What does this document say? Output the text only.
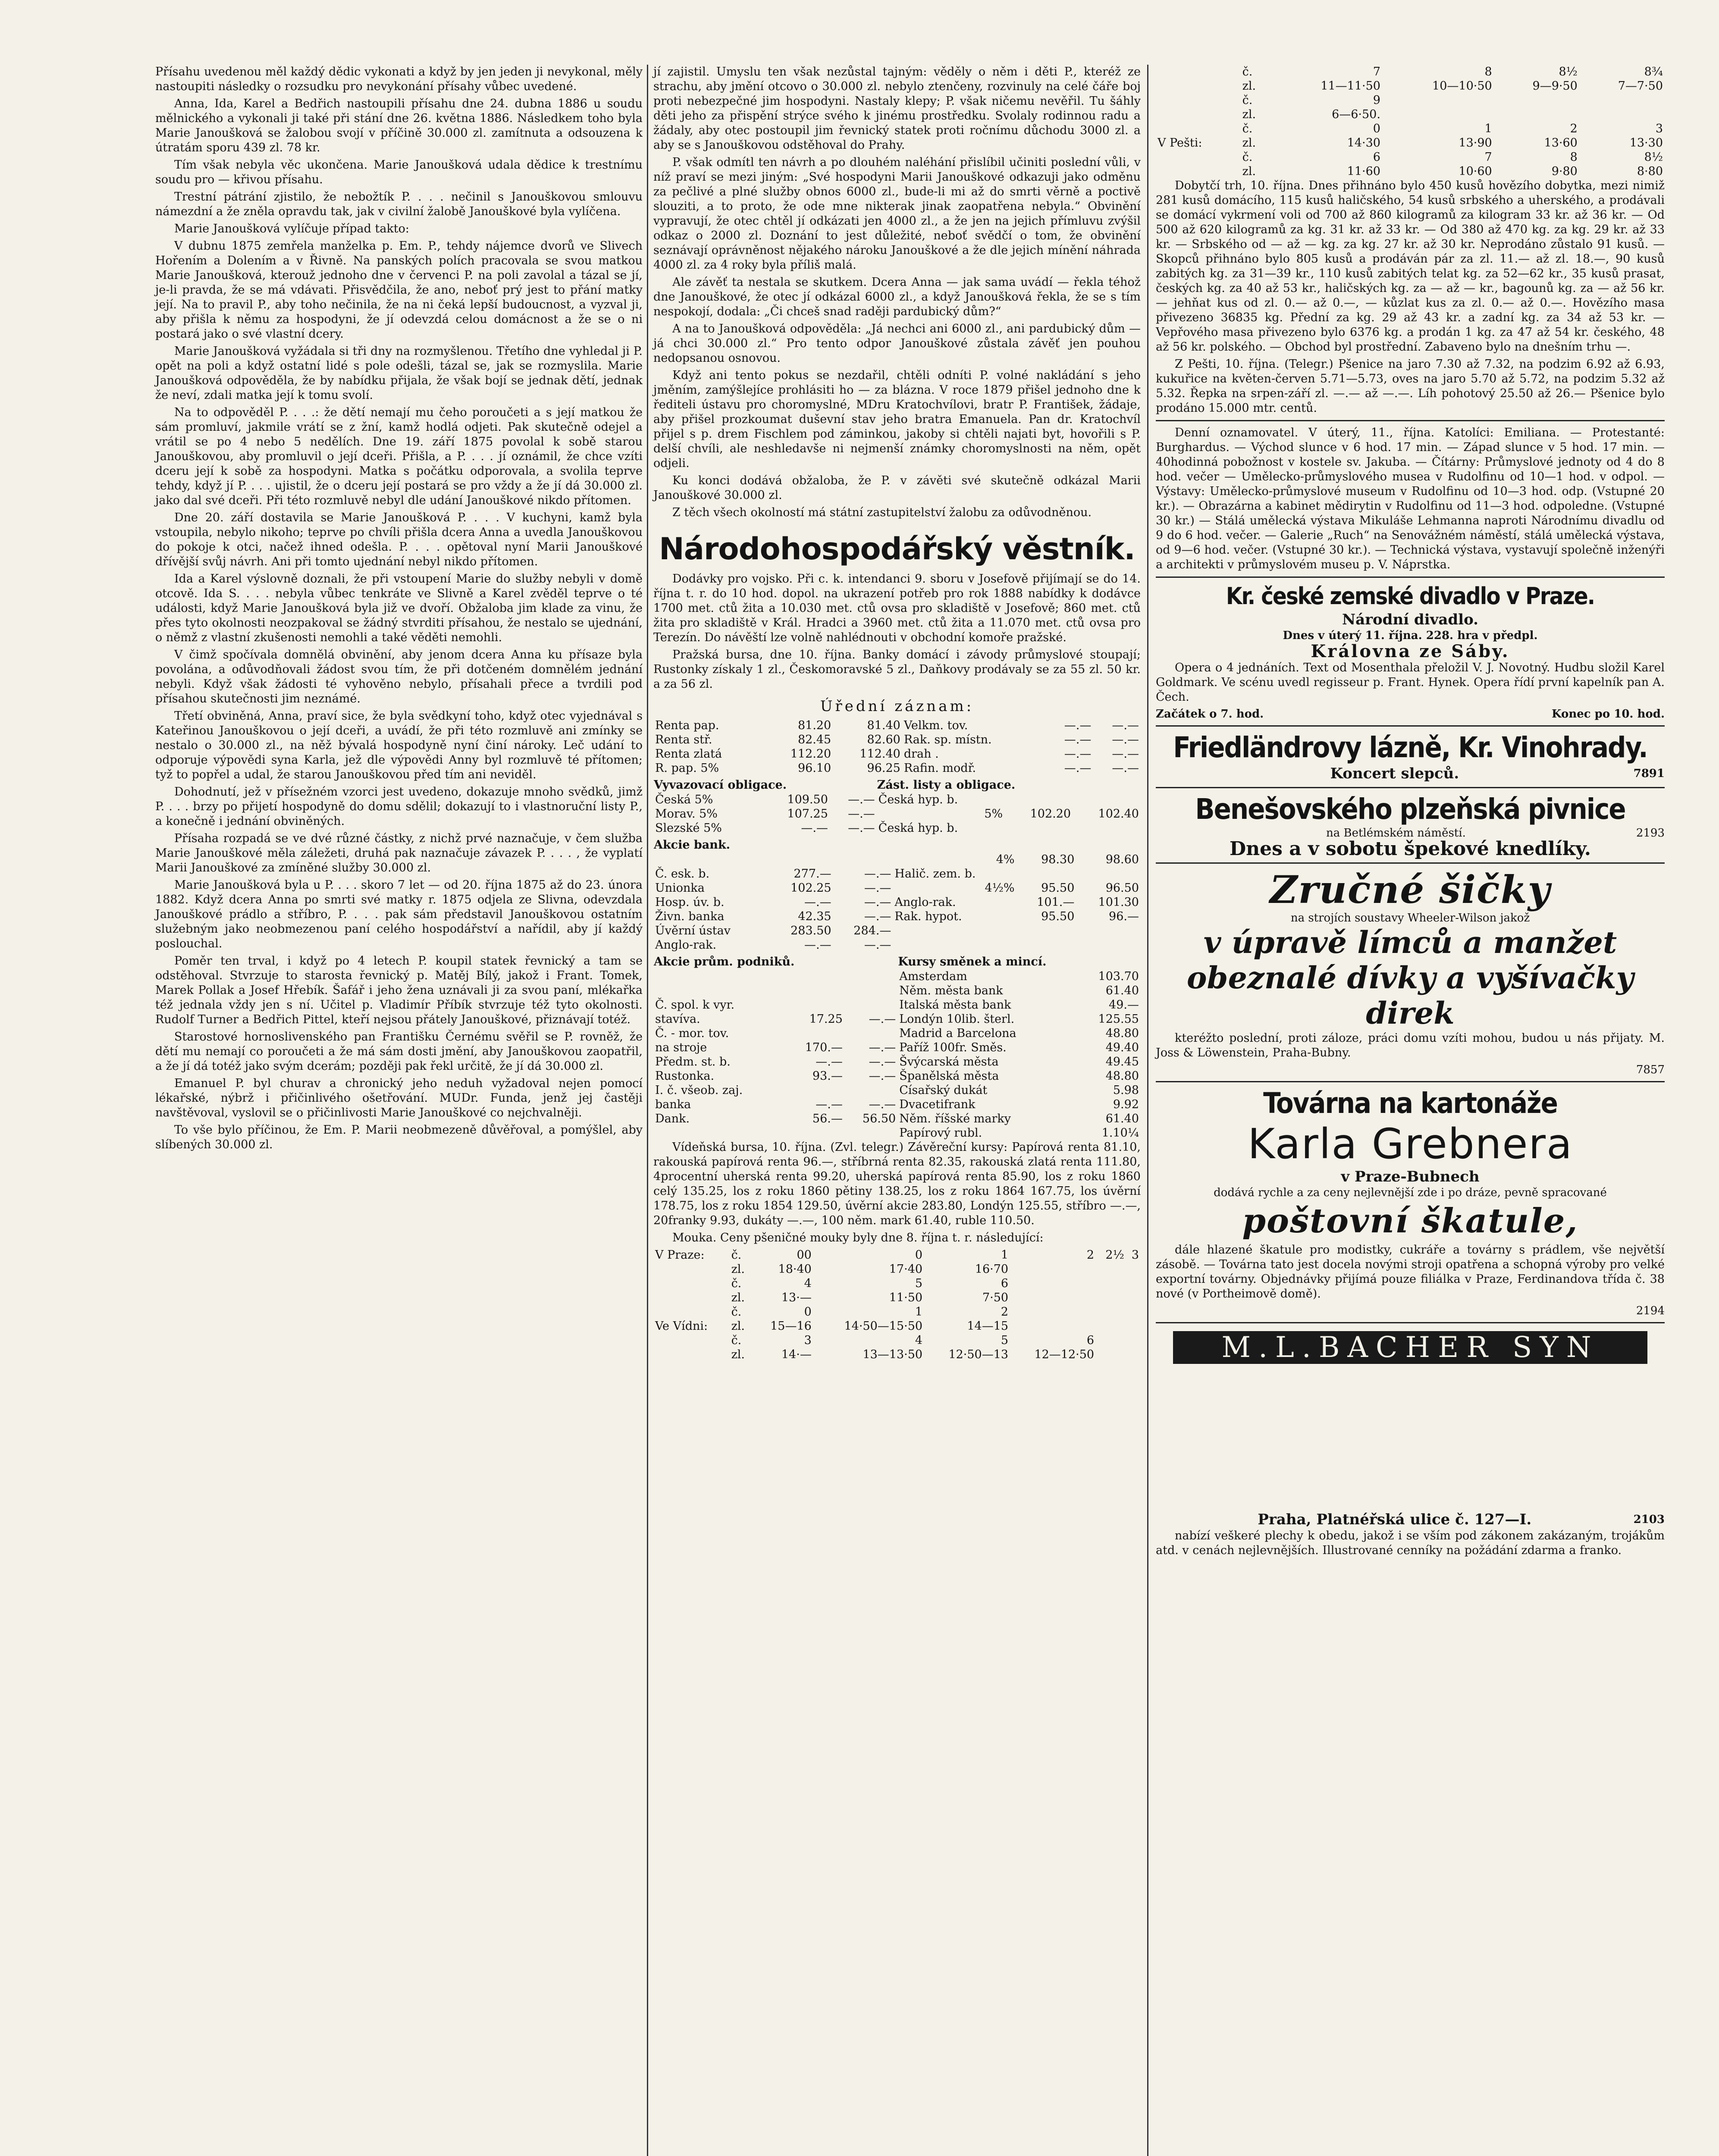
Přísahu uvedenou měl každý dědic vykonati a když by jen jeden ji nevykonal, měly nastoupiti následky o rozsudku pro nevykonání přísahy vůbec uvedené.

Anna, Ida, Karel a Bedřich nastoupili přísahu dne 24. dubna 1886 u soudu mělnického a vykonali ji také při stání dne 26. května 1886. Následkem toho byla Marie Janoušková se žalobou svojí v příčině 30.000 zl. zamítnuta a odsouzena k útratám sporu 439 zl. 78 kr.

Tím však nebyla věc ukončena. Marie Janoušková udala dědice k trestnímu soudu pro — křivou přísahu.

Trestní pátrání zjistilo, že nebožtík P. . . . nečinil s Janouškovou smlouvu námezdní a že zněla opravdu tak, jak v civilní žalobě Janouškové byla vylíčena.

Marie Janoušková vylíčuje případ takto:

V dubnu 1875 zemřela manželka p. Em. P., tehdy nájemce dvorů ve Slivech Hořením a Dolením a v Řivně. Na panských polích pracovala se svou matkou Marie Janoušková, kterouž jednoho dne v červenci P. na poli zavolal a tázal se jí, je-li pravda, že se má vdávati. Přisvědčila, že ano, neboť prý jest to přání matky její. Na to pravil P., aby toho nečinila, že na ni čeká lepší budoucnost, a vyzval ji, aby přišla k němu za hospodyni, že jí odevzdá celou domácnost a že se o ni postará jako o své vlastní dcery.

Marie Janoušková vyžádala si tři dny na rozmyšlenou. Třetího dne vyhledal ji P. opět na poli a když ostatní lidé s pole odešli, tázal se, jak se rozmyslila. Marie Janoušková odpověděla, že by nabídku přijala, že však bojí se jednak dětí, jednak že neví, zdali matka její k tomu svolí.

Na to odpověděl P. . . .: že dětí nemají mu čeho poroučeti a s její matkou že sám promluví, jakmile vrátí se z žní, kamž hodlá odjeti. Pak skutečně odejel a vrátil se po 4 nebo 5 nedělích. Dne 19. září 1875 povolal k sobě starou Janouškovou, aby promluvil o její dceři. Přišla, a P. . . . jí oznámil, že chce vzíti dceru její k sobě za hospodyni. Matka s počátku odporovala, a svolila teprve tehdy, když jí P. . . . ujistil, že o dceru její postará se pro vždy a že jí dá 30.000 zl. jako dal své dceři. Při této rozmluvě nebyl dle udání Janouškové nikdo přítomen.

Dne 20. září dostavila se Marie Janoušková P. . . . V kuchyni, kamž byla vstoupila, nebylo nikoho; teprve po chvíli přišla dcera Anna a uvedla Janouškovou do pokoje k otci, načež ihned odešla. P. . . . opětoval nyní Marii Janouškové dřívější svůj návrh. Ani při tomto ujednání nebyl nikdo přítomen.

Ida a Karel výslovně doznali, že při vstoupení Marie do služby nebyli v domě otcově. Ida S. . . . nebyla vůbec tenkráte ve Slivně a Karel zvěděl teprve o té události, když Marie Janoušková byla již ve dvoří. Obžaloba jim klade za vinu, že přes tyto okolnosti neozpakoval se žádný stvrditi přísahou, že nestalo se ujednání, o němž z vlastní zkušenosti nemohli a také věděti nemohli.

V čimž spočívala domnělá obvinění, aby jenom dcera Anna ku přísaze byla povolána, a odůvodňovali žádost svou tím, že při dotčeném domnělém jednání nebyli. Když však žádosti té vyhověno nebylo, přísahali přece a tvrdili pod přísahou skutečnosti jim neznámé.

Třetí obviněná, Anna, praví sice, že byla svědkyní toho, když otec vyjednával s Kateřinou Janouškovou o její dceři, a uvádí, že při této rozmluvě ani zmínky se nestalo o 30.000 zl., na něž bývalá hospodyně nyní činí nároky. Leč udání to odporuje výpovědi syna Karla, jež dle výpovědi Anny byl rozmluvě té přítomen; tyž to popřel a udal, že starou Janouškovou před tím ani neviděl.

Dohodnutí, jež v přísežném vzorci jest uvedeno, dokazuje mnoho svědků, jimž P. . . . brzy po přijetí hospodyně do domu sdělil; dokazují to i vlastnoruční listy P., a konečně i jednání obviněných.

Přísaha rozpadá se ve dvé různé částky, z nichž prvé naznačuje, v čem služba Marie Janouškové měla záležeti, druhá pak naznačuje závazek P. . . . , že vyplatí Marii Janouškové za zmíněné služby 30.000 zl.

Marie Janoušková byla u P. . . . skoro 7 let — od 20. října 1875 až do 23. února 1882. Když dcera Anna po smrti své matky r. 1875 odjela ze Slivna, odevzdala Janouškové prádlo a stříbro, P. . . . pak sám představil Janouškovou ostatním služebným jako neobmezenou paní celého hospodářství a nařídil, aby jí každý poslouchal.

Poměr ten trval, i když po 4 letech P. koupil statek řevnický a tam se odstěhoval. Stvrzuje to starosta řevnický p. Matěj Bílý, jakož i Frant. Tomek, Marek Pollak a Josef Hřebík. Šafář i jeho žena uznávali ji za svou paní, mlékařka též jednala vždy jen s ní. Učitel p. Vladimír Příbík stvrzuje též tyto okolnosti. Rudolf Turner a Bedřich Pittel, kteří nejsou přátely Janouškové, přiznávají totéž.

Starostové hornoslivenského pan Františku Černému svěřil se P. rovněž, že dětí mu nemají co poroučeti a že má sám dosti jmění, aby Janouškovou zaopatřil, a že jí dá totéž jako svým dcerám; později pak řekl určitě, že jí dá 30.000 zl.

Emanuel P. byl churav a chronický jeho neduh vyžadoval nejen pomocí lékařské, nýbrž i přičinlivého ošetřování. MUDr. Funda, jenž jej častěji navštěvoval, vyslovil se o přičinlivosti Marie Janouškové co nejchvalněji.

To vše bylo příčinou, že Em. P. Marii neobmezeně důvěřoval, a pomýšlel, aby slíbených 30.000 zl.

jí zajistil. Umyslu ten však nezůstal tajným: věděly o něm i děti P., kteréž ze strachu, aby jmění otcovo o 30.000 zl. nebylo ztenčeny, rozvinuly na celé čáře boj proti nebezpečné jim hospodyni. Nastaly klepy; P. však ničemu nevěřil. Tu šáhly děti jeho za přispění strýce svého k jinému prostředku. Svolaly rodinnou radu a žádaly, aby otec postoupil jim řevnický statek proti ročnímu důchodu 3000 zl. a aby se s Janouškovou odstěhoval do Prahy.

P. však odmítl ten návrh a po dlouhém naléhání přislíbil učiniti poslední vůli, v níž praví se mezi jiným: „Své hospodyni Marii Janouškové odkazuji jako odměnu za pečlivé a plné služby obnos 6000 zl., bude-li mi až do smrti věrně a poctivě slouziti, a to proto, že ode mne nikterak jinak zaopatřena nebyla.“ Obvinění vypravují, že otec chtěl jí odkázati jen 4000 zl., a že jen na jejich přímluvu zvýšil odkaz o 2000 zl. Doznání to jest důležité, neboť svědčí o tom, že obvinění seznávají oprávněnost nějakého nároku Janouškové a že dle jejich mínění náhrada 4000 zl. za 4 roky byla příliš malá.

Ale závěť ta nestala se skutkem. Dcera Anna — jak sama uvádí — řekla téhož dne Janouškové, že otec jí odkázal 6000 zl., a když Janoušková řekla, že se s tím nespokojí, dodala: „Či chceš snad raději pardubický dům?“

A na to Janoušková odpověděla: „Já nechci ani 6000 zl., ani pardubický dům — já chci 30.000 zl.“ Pro tento odpor Janouškové zůstala závěť jen pouhou nedopsanou osnovou.

Když ani tento pokus se nezdařil, chtěli odníti P. volné nakládání s jeho jměním, zamýšlejíce prohlásiti ho — za blázna. V roce 1879 přišel jednoho dne k řediteli ústavu pro choromyslné, MDru Kratochvílovi, bratr P. František, žádaje, aby přišel prozkoumat duševní stav jeho bratra Emanuela. Pan dr. Kratochvíl přijel s p. drem Fischlem pod záminkou, jakoby si chtěli najati byt, hovořili s P. delší chvíli, ale neshledavše ni nejmenší známky choromyslnosti na něm, opět odjeli.

Ku konci dodává obžaloba, že P. v závěti své skutečně odkázal Marii Janouškové 30.000 zl.

Z těch všech okolností má státní zastupitelství žalobu za odůvodněnou.

Národohospodářský věstník.

Dodávky pro vojsko. Při c. k. intendanci 9. sboru v Josefově přijímají se do 14. října t. r. do 10 hod. dopol. na ukrazení potřeb pro rok 1888 nabídky k dodávce 1700 met. ctů žita a 10.030 met. ctů ovsa pro skladiště v Josefově; 860 met. ctů žita pro skladiště v Král. Hradci a 3960 met. ctů žita a 11.070 met. ctů ovsa pro Terezín. Do návěští lze volně nahlédnouti v obchodní komoře pražské.

Pražská bursa, dne 10. října. Banky domácí i závody průmyslové stoupají; Rustonky získaly 1 zl., Českomoravské 5 zl., Daňkovy prodávaly se za 55 zl. 50 kr. a za 56 zl.

Úřední záznam:
Renta pap.	81.20	81.40	Velkm. tov.	—.—	—.—
Renta stř.	82.45	82.60	Rak. sp. místn.	—.—	—.—
Renta zlatá	112.20	112.40	drah .	—.—	—.—
R. pap. 5%	96.10	96.25	Rafin. modř.	—.—	—.—
Vyvazovací obligace.			Zást. listy a obligace.		
Česká 5%	109.50	—.—	Česká hyp. b.		
Morav. 5%	107.25	—.—	5%	102.20	102.40
Slezské 5%	—.—	—.—	Česká hyp. b.		
Akcie bank.					
			4%	98.30	98.60
Č. esk. b.	277.—	—.—	Halič. zem. b.		
Unionka	102.25	—.—	4½%	95.50	96.50
Hosp. úv. b.	—.—	—.—	Anglo-rak.	101.—	101.30
Živn. banka	42.35	—.—	Rak. hypot.	95.50	96.—
Úvěrní ústav	283.50	284.—			
Anglo-rak.	—.—	—.—			
Akcie prům. podniků.			Kursy směnek a mincí.		
			Amsterdam		103.70
			Něm. města bank		61.40
Č. spol. k vyr.			Italská města bank		49.—
stavíva.	17.25	—.—	Londýn 10lib. šterl.		125.55
Č. - mor. tov.			Madrid a Barcelona		48.80
na stroje	170.—	—.—	Paříž 100fr. Směs.		49.40
Předm. st. b.	—.—	—.—	Švýcarská města		49.45
Rustonka.	93.—	—.—	Španělská města		48.80
I. č. všeob. zaj.			Císařský dukát		5.98
banka	—.—	—.—	Dvacetifrank		9.92
Dank.	56.—	56.50	Něm. říšské marky		61.40
			Papírový rubl.		1.10¼

Vídeňská bursa, 10. října. (Zvl. telegr.) Závěreční kursy: Papírová renta 81.10, rakouská papírová renta 96.—, stříbrná renta 82.35, rakouská zlatá renta 111.80, 4procentní uherská renta 99.20, uherská papírová renta 85.90, los z roku 1860 celý 135.25, los z roku 1860 pětiny 138.25, los z roku 1864 167.75, los úvěrní 178.75, los z roku 1854 129.50, úvěrní akcie 283.80, Londýn 125.55, stříbro —.—, 20franky 9.93, dukáty —.—, 100 něm. mark 61.40, ruble 110.50.

Mouka. Ceny pšeničné mouky byly dne 8. října t. r. následující:

V Praze:	č.	00	0	1	2	2½	3
	zl.	18·40	17·40	16·70			
	č.	4	5	6			
	zl.	13·—	11·50	7·50			
	č.	0	1	2			
Ve Vídni:	zl.	15—16	14·50—15·50	14—15			
	č.	3	4	5	6		
	zl.	14·—	13—13·50	12·50—13	12—12·50		
	č.	7	8	8½	8¾
	zl.	11—11·50	10—10·50	9—9·50	7—7·50
	č.	9			
	zl.	6—6·50.			
	č.	0	1	2	3
V Pešti:	zl.	14·30	13·90	13·60	13·30
	č.	6	7	8	8½
	zl.	11·60	10·60	9·80	8·80

Dobytčí trh, 10. října. Dnes přihnáno bylo 450 kusů hovězího dobytka, mezi nimiž 281 kusů domácího, 115 kusů haličského, 54 kusů srbského a uherského, a prodávali se domácí vykrmení voli od 700 až 860 kilogramů za kilogram 33 kr. až 36 kr. — Od 500 až 620 kilogramů za kg. 31 kr. až 33 kr. — Od 380 až 470 kg. za kg. 29 kr. až 33 kr. — Srbského od — až — kg. za kg. 27 kr. až 30 kr. Neprodáno zůstalo 91 kusů. — Skopců přihnáno bylo 805 kusů a prodáván pár za zl. 11.— až zl. 18.—, 90 kusů zabitých kg. za 31—39 kr., 110 kusů zabitých telat kg. za 52—62 kr., 35 kusů prasat, českých kg. za 40 až 53 kr., haličských kg. za — až — kr., bagounů kg. za — až 56 kr. — jehňat kus od zl. 0.— až 0.—, — kůzlat kus za zl. 0.— až 0.—. Hovězího masa přivezeno 36835 kg. Přední za kg. 29 až 43 kr. a zadní kg. za 34 až 53 kr. — Vepřového masa přivezeno bylo 6376 kg. a prodán 1 kg. za 47 až 54 kr. českého, 48 až 56 kr. polského. — Obchod byl prostřední. Zabaveno bylo na dnešním trhu —.

Z Pešti, 10. října. (Telegr.) Pšenice na jaro 7.30 až 7.32, na podzim 6.92 až 6.93, kukuřice na květen-červen 5.71—5.73, oves na jaro 5.70 až 5.72, na podzim 5.32 až 5.32. Řepka na srpen-září zl. —.— až —.—. Líh pohotový 25.50 až 26.— Pšenice bylo prodáno 15.000 mtr. centů.

Denní oznamovatel. V úterý, 11., října. Katolíci: Emiliana. — Protestanté: Burghardus. — Východ slunce v 6 hod. 17 min. — Západ slunce v 5 hod. 17 min. — 40hodinná pobožnost v kostele sv. Jakuba. — Čítárny: Průmyslové jednoty od 4 do 8 hod. večer — Umělecko-průmyslového musea v Rudolfinu od 10—1 hod. v odpol. — Výstavy: Umělecko-průmyslové museum v Rudolfinu od 10—3 hod. odp. (Vstupné 20 kr.). — Obrazárna a kabinet mědirytin v Rudolfinu od 11—3 hod. odpoledne. (Vstupné 30 kr.) — Stálá umělecká výstava Mikuláše Lehmanna naproti Národnímu divadlu od 9 do 6 hod. večer. — Galerie „Ruch“ na Senovážném náměstí, stálá umělecká výstava, od 9—6 hod. večer. (Vstupné 30 kr.). — Technická výstava, vystavují společně inženýři a architekti v průmyslovém museu p. V. Náprstka.

Kr. české zemské divadlo v Praze.
Národní divadlo.
Dnes v úterý 11. října. 228. hra v předpl.
Královna ze Sáby.

Opera o 4 jednáních. Text od Mosenthala přeložil V. J. Novotný. Hudbu složil Karel Goldmark. Ve scénu uvedl regisseur p. Frant. Hynek. Opera řídí první kapelník pan A. Čech.

Začátek o 7. hod.	Konec po 10. hod.
Friedländrovy lázně, Kr. Vinohrady.
Koncert slepců.	7891
Benešovského plzeňská pivnice
na Betlémském náměstí.	2193
Dnes a v sobotu špekové knedlíky.
Zručné šičky
na strojích soustavy Wheeler-Wilson jakož
v úpravě límců a manžet
obeznalé dívky a vyšívačky direk

kteréžto poslední, proti záloze, práci domu vzíti mohou, budou u nás přijaty. M. Joss & Löwenstein, Praha-Bubny.

7857
Továrna na kartonáže
Karla Grebnera
v Praze-Bubnech
dodává rychle a za ceny nejlevnější zde i po dráze, pevně spracované
poštovní škatule,

dále hlazené škatule pro modistky, cukráře a továrny s prádlem, vše největší zásobě. — Továrna tato jest docela novými stroji opatřena a schopná výroby pro velké exportní továrny. Objednávky přijímá pouze filiálka v Praze, Ferdinandova třída č. 38 nové (v Portheimově domě).

2194
M.L.BACHER SYN
Praha, Platnéřská ulice č. 127—I.	2103

nabízí veškeré plechy k obedu, jakož i se vším pod zákonem zakázaným, trojákům atd. v cenách nejlevnějších. Illustrované cenníky na požádání zdarma a franko.
